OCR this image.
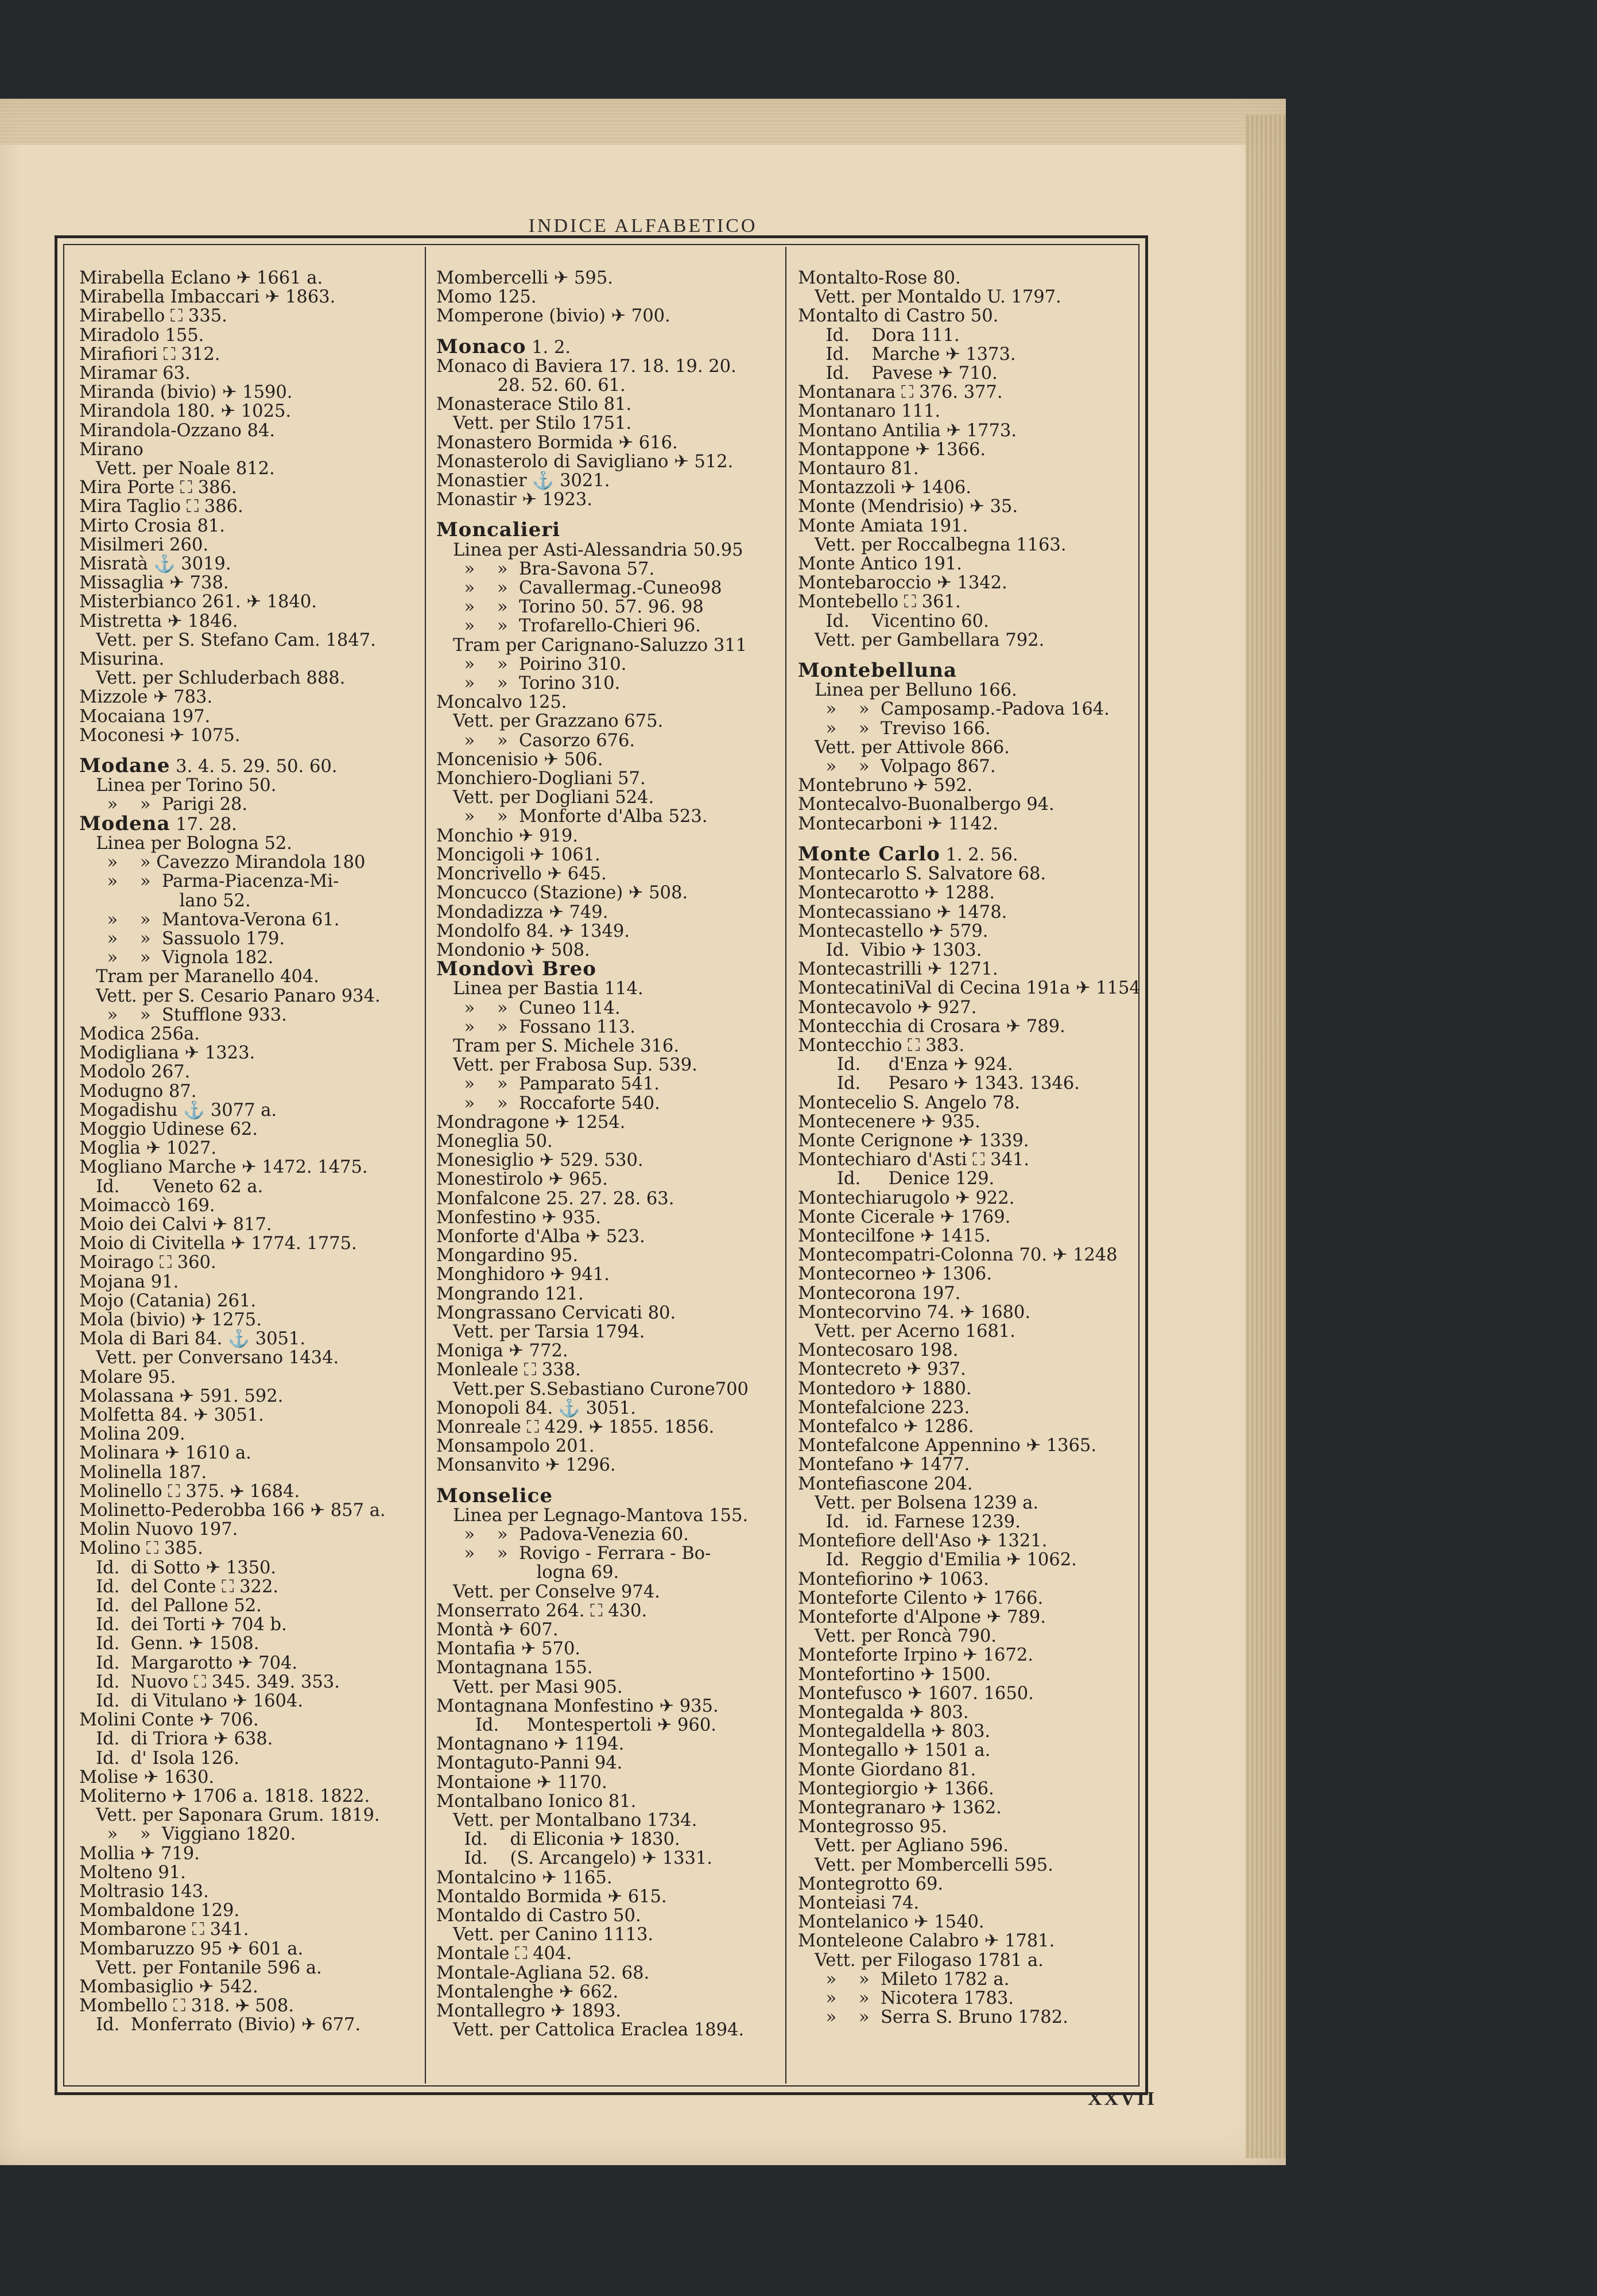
INDICE ALFABETICO
Mirabella Eclano ✈ 1661 a.
Mirabella Imbaccari ✈ 1863.
Mirabello ⛶ 335.
Miradolo 155.
Mirafiori ⛶ 312.
Miramar 63.
Miranda (bivio) ✈ 1590.
Mirandola 180. ✈ 1025.
Mirandola-Ozzano 84.
Mirano
Vett. per Noale 812.
Mira Porte ⛶ 386.
Mira Taglio ⛶ 386.
Mirto Crosia 81.
Misilmeri 260.
Misratà ⚓ 3019.
Missaglia ✈ 738.
Misterbianco 261. ✈ 1840.
Mistretta ✈ 1846.
Vett. per S. Stefano Cam. 1847.
Misurina.
Vett. per Schluderbach 888.
Mizzole ✈ 783.
Mocaiana 197.
Moconesi ✈ 1075.
Modane 3. 4. 5. 29. 50. 60.
Linea per Torino 50.
»    »  Parigi 28.
Modena 17. 28.
Linea per Bologna 52.
»    » Cavezzo Mirandola 180
»    »  Parma-Piacenza-Mi-
lano 52.
»    »  Mantova-Verona 61.
»    »  Sassuolo 179.
»    »  Vignola 182.
Tram per Maranello 404.
Vett. per S. Cesario Panaro 934.
»    »  Stufflone 933.
Modica 256a.
Modigliana ✈ 1323.
Modolo 267.
Modugno 87.
Mogadishu ⚓ 3077 a.
Moggio Udinese 62.
Moglia ✈ 1027.
Mogliano Marche ✈ 1472. 1475.
Id.      Veneto 62 a.
Moimaccò 169.
Moio dei Calvi ✈ 817.
Moio di Civitella ✈ 1774. 1775.
Moirago ⛶ 360.
Mojana 91.
Mojo (Catania) 261.
Mola (bivio) ✈ 1275.
Mola di Bari 84. ⚓ 3051.
Vett. per Conversano 1434.
Molare 95.
Molassana ✈ 591. 592.
Molfetta 84. ✈ 3051.
Molina 209.
Molinara ✈ 1610 a.
Molinella 187.
Molinello ⛶ 375. ✈ 1684.
Molinetto-Pederobba 166 ✈ 857 a.
Molin Nuovo 197.
Molino ⛶ 385.
Id.  di Sotto ✈ 1350.
Id.  del Conte ⛶ 322.
Id.  del Pallone 52.
Id.  dei Torti ✈ 704 b.
Id.  Genn. ✈ 1508.
Id.  Margarotto ✈ 704.
Id.  Nuovo ⛶ 345. 349. 353.
Id.  di Vitulano ✈ 1604.
Molini Conte ✈ 706.
Id.  di Triora ✈ 638.
Id.  d' Isola 126.
Molise ✈ 1630.
Moliterno ✈ 1706 a. 1818. 1822.
Vett. per Saponara Grum. 1819.
»    »  Viggiano 1820.
Mollia ✈ 719.
Molteno 91.
Moltrasio 143.
Mombaldone 129.
Mombarone ⛶ 341.
Mombaruzzo 95 ✈ 601 a.
Vett. per Fontanile 596 a.
Mombasiglio ✈ 542.
Mombello ⛶ 318. ✈ 508.
Id.  Monferrato (Bivio) ✈ 677.
Mombercelli ✈ 595.
Momo 125.
Momperone (bivio) ✈ 700.
Monaco 1. 2.
Monaco di Baviera 17. 18. 19. 20.
28. 52. 60. 61.
Monasterace Stilo 81.
Vett. per Stilo 1751.
Monastero Bormida ✈ 616.
Monasterolo di Savigliano ✈ 512.
Monastier ⚓ 3021.
Monastir ✈ 1923.
Moncalieri
Linea per Asti-Alessandria 50.95
»    »  Bra-Savona 57.
»    »  Cavallermag.-Cuneo98
»    »  Torino 50. 57. 96. 98
»    »  Trofarello-Chieri 96.
Tram per Carignano-Saluzzo 311
»    »  Poirino 310.
»    »  Torino 310.
Moncalvo 125.
Vett. per Grazzano 675.
»    »  Casorzo 676.
Moncenisio ✈ 506.
Monchiero-Dogliani 57.
Vett. per Dogliani 524.
»    »  Monforte d'Alba 523.
Monchio ✈ 919.
Moncigoli ✈ 1061.
Moncrivello ✈ 645.
Moncucco (Stazione) ✈ 508.
Mondadizza ✈ 749.
Mondolfo 84. ✈ 1349.
Mondonio ✈ 508.
Mondovì Breo
Linea per Bastia 114.
»    »  Cuneo 114.
»    »  Fossano 113.
Tram per S. Michele 316.
Vett. per Frabosa Sup. 539.
»    »  Pamparato 541.
»    »  Roccaforte 540.
Mondragone ✈ 1254.
Moneglia 50.
Monesiglio ✈ 529. 530.
Monestirolo ✈ 965.
Monfalcone 25. 27. 28. 63.
Monfestino ✈ 935.
Monforte d'Alba ✈ 523.
Mongardino 95.
Monghidoro ✈ 941.
Mongrando 121.
Mongrassano Cervicati 80.
Vett. per Tarsia 1794.
Moniga ✈ 772.
Monleale ⛶ 338.
Vett.per S.Sebastiano Curone700
Monopoli 84. ⚓ 3051.
Monreale ⛶ 429. ✈ 1855. 1856.
Monsampolo 201.
Monsanvito ✈ 1296.
Monselice
Linea per Legnago-Mantova 155.
»    »  Padova-Venezia 60.
»    »  Rovigo - Ferrara - Bo-
logna 69.
Vett. per Conselve 974.
Monserrato 264. ⛶ 430.
Montà ✈ 607.
Montafia ✈ 570.
Montagnana 155.
Vett. per Masi 905.
Montagnana Monfestino ✈ 935.
Id.     Montespertoli ✈ 960.
Montagnano ✈ 1194.
Montaguto-Panni 94.
Montaione ✈ 1170.
Montalbano Ionico 81.
Vett. per Montalbano 1734.
Id.    di Eliconia ✈ 1830.
Id.    (S. Arcangelo) ✈ 1331.
Montalcino ✈ 1165.
Montaldo Bormida ✈ 615.
Montaldo di Castro 50.
Vett. per Canino 1113.
Montale ⛶ 404.
Montale-Agliana 52. 68.
Montalenghe ✈ 662.
Montallegro ✈ 1893.
Vett. per Cattolica Eraclea 1894.
Montalto-Rose 80.
Vett. per Montaldo U. 1797.
Montalto di Castro 50.
Id.    Dora 111.
Id.    Marche ✈ 1373.
Id.    Pavese ✈ 710.
Montanara ⛶ 376. 377.
Montanaro 111.
Montano Antilia ✈ 1773.
Montappone ✈ 1366.
Montauro 81.
Montazzoli ✈ 1406.
Monte (Mendrisio) ✈ 35.
Monte Amiata 191.
Vett. per Roccalbegna 1163.
Monte Antico 191.
Montebaroccio ✈ 1342.
Montebello ⛶ 361.
Id.    Vicentino 60.
Vett. per Gambellara 792.
Montebelluna
Linea per Belluno 166.
»    »  Camposamp.-Padova 164.
»    »  Treviso 166.
Vett. per Attivole 866.
»    »  Volpago 867.
Montebruno ✈ 592.
Montecalvo-Buonalbergo 94.
Montecarboni ✈ 1142.
Monte Carlo 1. 2. 56.
Montecarlo S. Salvatore 68.
Montecarotto ✈ 1288.
Montecassiano ✈ 1478.
Montecastello ✈ 579.
Id.  Vibio ✈ 1303.
Montecastrilli ✈ 1271.
MontecatiniVal di Cecina 191a ✈ 1154
Montecavolo ✈ 927.
Montecchia di Crosara ✈ 789.
Montecchio ⛶ 383.
Id.     d'Enza ✈ 924.
Id.     Pesaro ✈ 1343. 1346.
Montecelio S. Angelo 78.
Montecenere ✈ 935.
Monte Cerignone ✈ 1339.
Montechiaro d'Asti ⛶ 341.
Id.     Denice 129.
Montechiarugolo ✈ 922.
Monte Cicerale ✈ 1769.
Montecilfone ✈ 1415.
Montecompatri-Colonna 70. ✈ 1248
Montecorneo ✈ 1306.
Montecorona 197.
Montecorvino 74. ✈ 1680.
Vett. per Acerno 1681.
Montecosaro 198.
Montecreto ✈ 937.
Montedoro ✈ 1880.
Montefalcione 223.
Montefalco ✈ 1286.
Montefalcone Appennino ✈ 1365.
Montefano ✈ 1477.
Montefiascone 204.
Vett. per Bolsena 1239 a.
Id.   id. Farnese 1239.
Montefiore dell'Aso ✈ 1321.
Id.  Reggio d'Emilia ✈ 1062.
Montefiorino ✈ 1063.
Monteforte Cilento ✈ 1766.
Monteforte d'Alpone ✈ 789.
Vett. per Roncà 790.
Monteforte Irpino ✈ 1672.
Montefortino ✈ 1500.
Montefusco ✈ 1607. 1650.
Montegalda ✈ 803.
Montegaldella ✈ 803.
Montegallo ✈ 1501 a.
Monte Giordano 81.
Montegiorgio ✈ 1366.
Montegranaro ✈ 1362.
Montegrosso 95.
Vett. per Agliano 596.
Vett. per Mombercelli 595.
Montegrotto 69.
Monteiasi 74.
Montelanico ✈ 1540.
Monteleone Calabro ✈ 1781.
Vett. per Filogaso 1781 a.
»    »  Mileto 1782 a.
»    »  Nicotera 1783.
»    »  Serra S. Bruno 1782.
XXVII
